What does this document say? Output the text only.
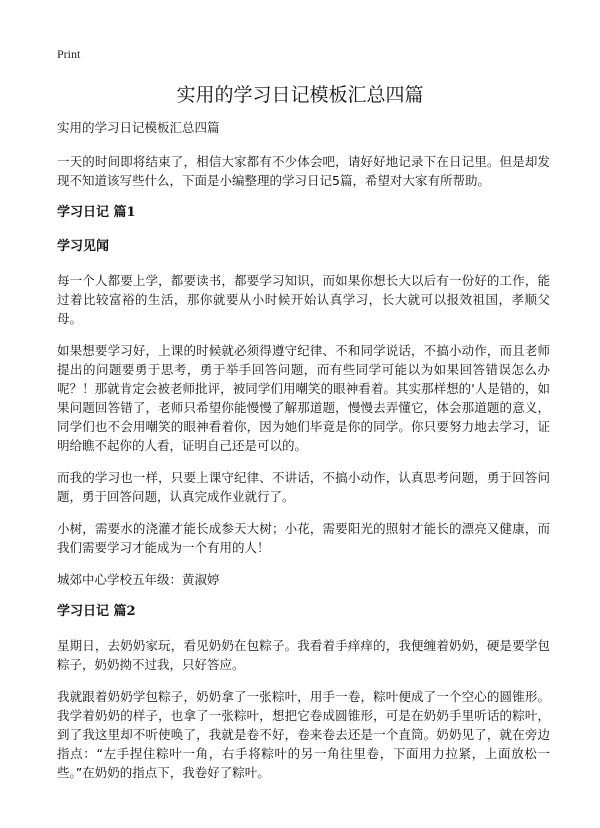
Print
实用的学习日记模板汇总四篇

实用的学习日记模板汇总四篇

一天的时间即将结束了，相信大家都有不少体会吧，请好好地记录下在日记里。但是却发现不知道该写些什么，下面是小编整理的学习日记5篇，希望对大家有所帮助。

学习日记 篇1
学习见闻

每一个人都要上学，都要读书，都要学习知识，而如果你想长大以后有一份好的工作，能过着比较富裕的生活，那你就要从小时候开始认真学习，长大就可以报效祖国，孝顺父母。

如果想要学习好，上课的时候就必须得遵守纪律、不和同学说话，不搞小动作，而且老师提出的问题要勇于思考，勇于举手回答问题，而有些同学可能以为如果回答错误怎么办呢？！那就肯定会被老师批评，被同学们用嘲笑的眼神看着。其实那样想的'人是错的，如果问题回答错了，老师只希望你能慢慢了解那道题，慢慢去弄懂它，体会那道题的意义，同学们也不会用嘲笑的眼神看着你，因为她们毕竟是你的同学。你只要努力地去学习，证明给瞧不起你的人看，证明自己还是可以的。

而我的学习也一样，只要上课守纪律、不讲话，不搞小动作，认真思考问题，勇于回答问题，勇于回答问题，认真完成作业就行了。

小树，需要水的浇灌才能长成参天大树；小花，需要阳光的照射才能长的漂亮又健康，而我们需要学习才能成为一个有用的人！

城郊中心学校五年级：黄淑婷

学习日记 篇2

星期日，去奶奶家玩，看见奶奶在包粽子。我看着手痒痒的，我便缠着奶奶，硬是要学包粽子，奶奶拗不过我，只好答应。

我就跟着奶奶学包粽子，奶奶拿了一张粽叶，用手一卷，粽叶便成了一个空心的圆锥形。我学着奶奶的样子，也拿了一张粽叶，想把它卷成圆锥形，可是在奶奶手里听话的粽叶，到了我这里却不听使唤了，我就是卷不好，卷来卷去还是一个直筒。奶奶见了，就在旁边指点：“左手捏住粽叶一角，右手将粽叶的另一角往里卷，下面用力拉紧，上面放松一些。”在奶奶的指点下，我卷好了粽叶。
